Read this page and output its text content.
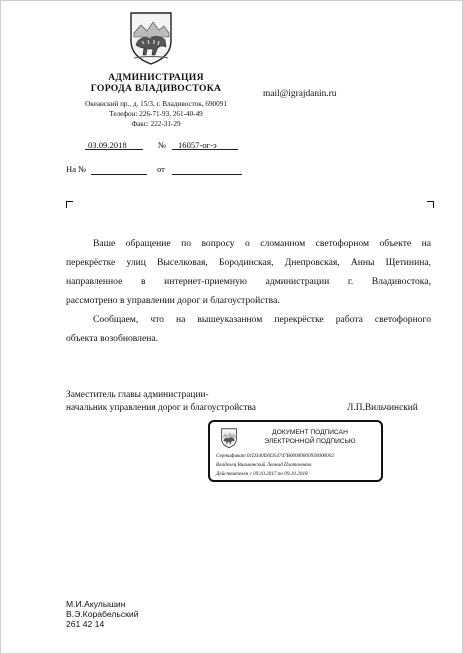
АДМИНИСТРАЦИЯ
ГОРОДА ВЛАДИВОСТОКА
Океанский пр., д. 15/3, г. Владивосток, 690091
Телефон: 226-71-93, 261-40-49
Факс: 222-31-29
mail@igrajdanin.ru
03.09.2018	№ 16057-ог-э
На №	от
Ваше обращение по вопросу о сломанном светофорном объекте на
перекрёстке улиц Выселковая, Бородинская, Днепровская, Анны Щетинина,
направленное в интернет-приемную администрации г. Владивостока,
рассмотрено в управлении дорог и благоустройства.
Сообщаем, что на вышеуказанном перекрёстке работа светофорного
объекта возобновлена.
Заместитель главы администрации-
начальник управления дорог и благоустройства	Л.П.Вильчинский
ДОКУМЕНТ ПОДПИСАН
ЭЛЕКТРОННОЙ ПОДПИСЬЮ
Сертификат 01D340D0D54747B00000000930006002
Владелец Вильчинский Леонид Платонович
Действителен с 09.10.2017 по 09.10.2018
М.И.Акулышин
В.Э.Корабельский
261 42 14
